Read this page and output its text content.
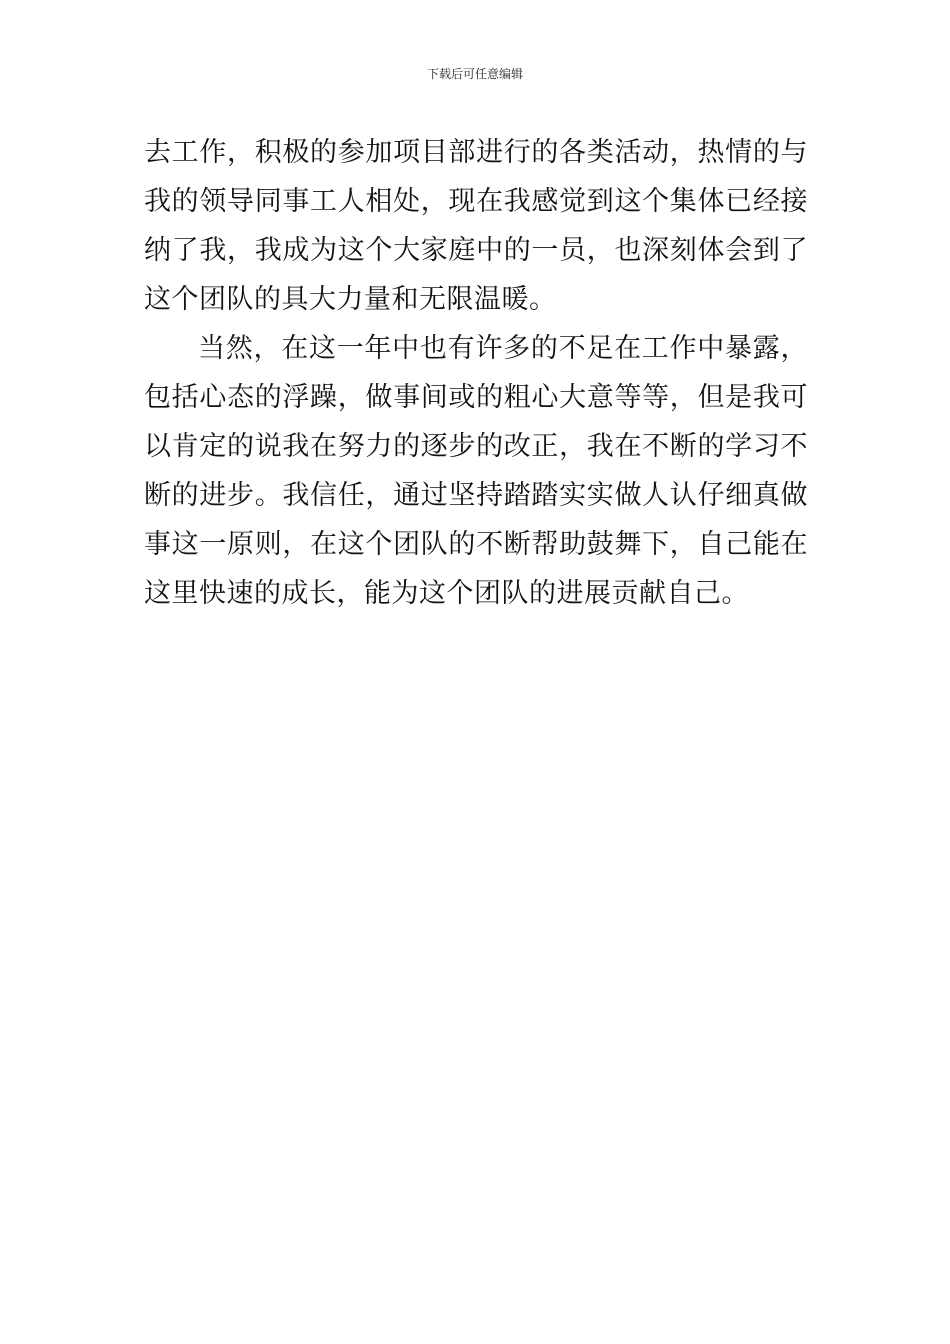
下载后可任意编辑

去工作，积极的参加项目部进行的各类活动，热情的与我的领导同事工人相处，现在我感觉到这个集体已经接纳了我，我成为这个大家庭中的一员，也深刻体会到了这个团队的具大力量和无限温暖。

当然，在这一年中也有许多的不足在工作中暴露，包括心态的浮躁，做事间或的粗心大意等等，但是我可以肯定的说我在努力的逐步的改正，我在不断的学习不断的进步。我信任，通过坚持踏踏实实做人认仔细真做事这一原则，在这个团队的不断帮助鼓舞下，自己能在这里快速的成长，能为这个团队的进展贡献自己。
